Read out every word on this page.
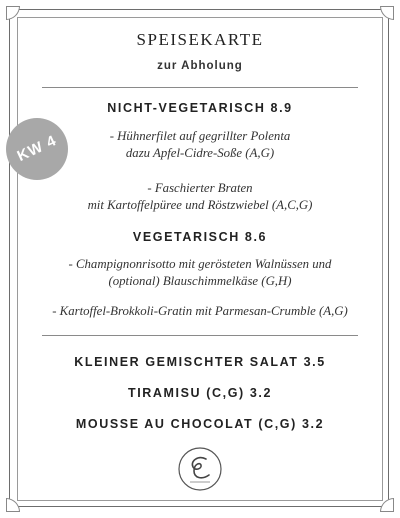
SPEISEKARTE
zur Abholung
KW 4
NICHT-VEGETARISCH 8.9
- Hühnerfilet auf gegrillter Polenta
dazu Apfel-Cidre-Soße (A,G)
- Faschierter Braten
mit Kartoffelpüree und Röstzwiebel (A,C,G)
VEGETARISCH 8.6
- Champignonrisotto mit gerösteten Walnüssen und
(optional) Blauschimmelkäse (G,H)
- Kartoffel-Brokkoli-Gratin mit Parmesan-Crumble (A,G)
KLEINER GEMISCHTER SALAT 3.5
TIRAMISU (C,G) 3.2
MOUSSE AU CHOCOLAT (C,G) 3.2
